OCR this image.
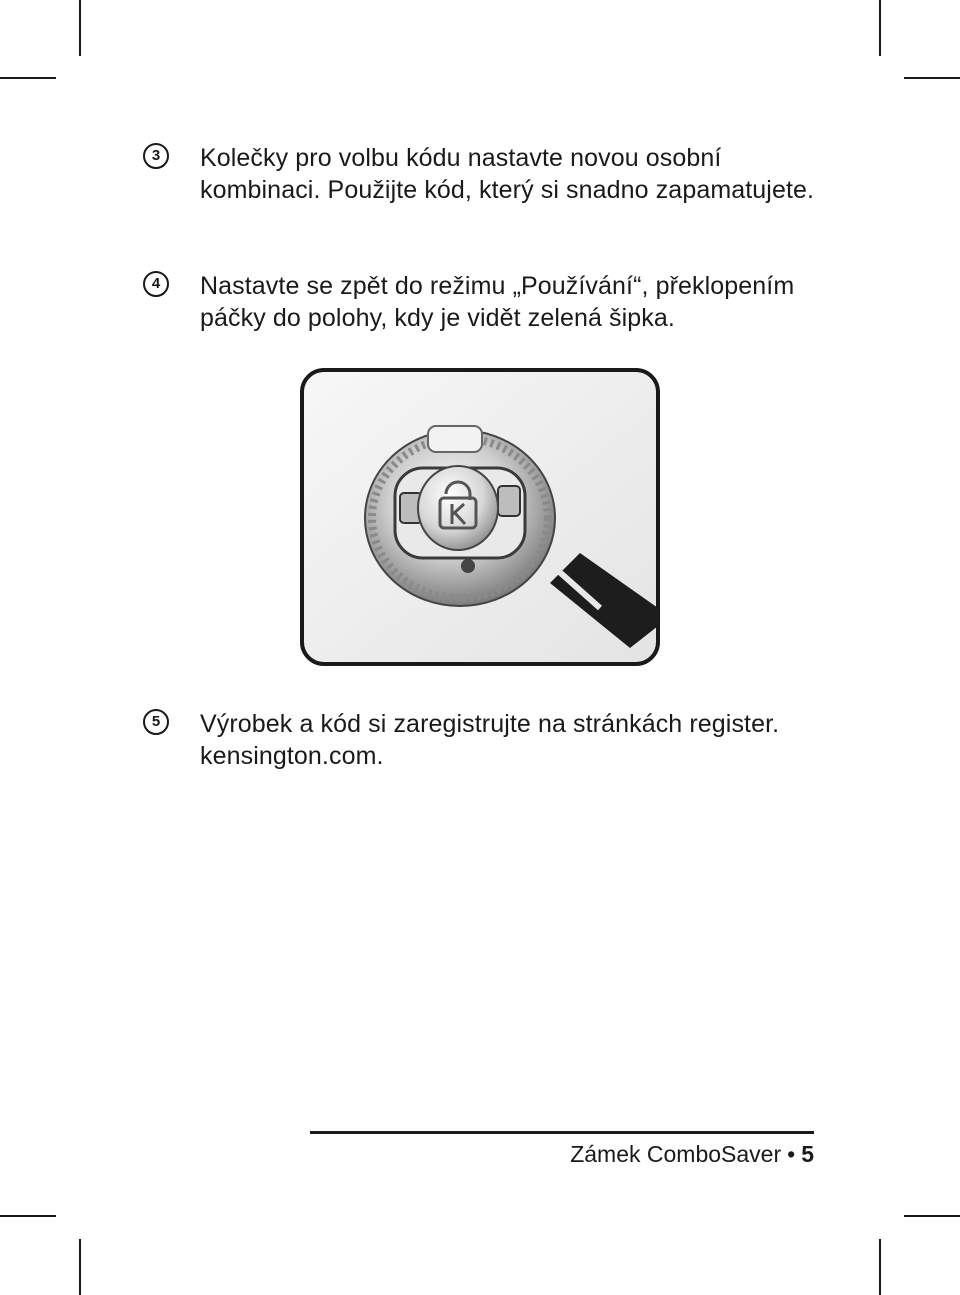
3	Kolečky pro volbu kódu nastavte novou osobní kombinaci. Použijte kód, který si snadno zapamatujete.
4	Nastavte se zpět do režimu „Používání“, překlopením páčky do polohy, kdy je vidět zelená šipka.
5	Výrobek a kód si zaregistrujte na stránkách register. kensington.com.
Zámek ComboSaver • 5
